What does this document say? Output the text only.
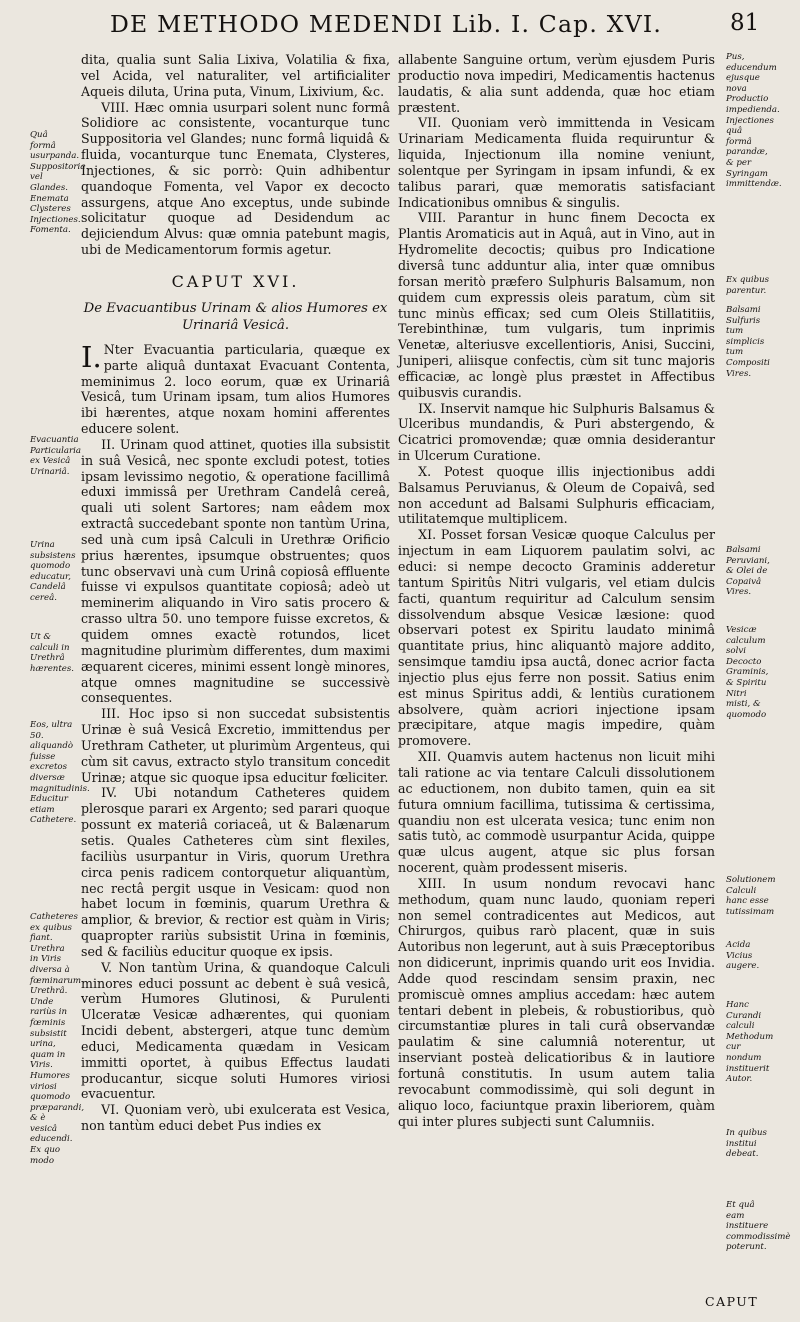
DE METHODO MEDENDI Lib. I. Cap. XVI.	81
Quâ formâ usurpanda. Suppositoria vel Glandes. Enemata Clysteres Injectiones. Fomenta.
Evacuantia Particularia ex Vesicâ Urinariâ.
Urina subsistens quomodo educatur, Candelâ cereâ.
Ut & calculi in Urethrâ hærentes.
Eos, ultra 50. aliquandò fuisse excretos diversæ magnitudinis. Educitur etiam Cathetere.
Catheteres ex quibus fiant. Urethra in Viris diversa à fœminarum Urethrâ. Unde rariùs in fœminis subsistit urina, quam in Viris. Humores viriosi quomodo præparandi, & è vesicâ educendi. Ex quo modo
Pus, educendum ejusque nova Productio impedienda. Injectiones quâ formâ parandæ, & per Syringam immittendæ.
Ex quibus parentur.
Balsami Sulfuris tum simplicis tum Compositi Vires.
Balsami Peruviani, & Olei de Copaivâ Vires.
Vesicæ calculum solvi Decocto Graminis, & Spiritu Nitri misti, & quomodo
Solutionem Calculi hanc esse tutissimam
Acida Vicius augere.
Hanc Curandi calculi Methodum cur nondum instituerit Autor.
In quibus institui debeat.
Et quâ eam instituere commodissimè poterunt.

dita, qualia sunt Salia Lixiva, Volatilia & fixa, vel Acida, vel naturaliter, vel artificialiter Aqueis diluta, Urina puta, Vinum, Lixivium, &c.

VIII. Hæc omnia usurpari solent nunc formâ Solidiore ac consistente, vocanturque tunc Suppositoria vel Glandes; nunc formâ liquidâ & fluida, vocanturque tunc Enemata, Clysteres, Injectiones, & sic porrò: Quin adhibentur quandoque Fomenta, vel Vapor ex decocto assurgens, atque Ano exceptus, unde subinde solicitatur quoque ad Desidendum ac dejiciendum Alvus: quæ omnia patebunt magis, ubi de Medicamentorum formis agetur.

CAPUT XVI.
De Evacuantibus Urinam & alios Humores ex Urinariâ Vesicâ.

I. Nter Evacuantia particularia, quæque ex parte aliquâ duntaxat Evacuant Contenta, meminimus 2. loco eorum, quæ ex Urinariâ Vesicâ, tum Urinam ipsam, tum alios Humores ibi hærentes, atque noxam homini afferentes educere solent.

II. Urinam quod attinet, quoties illa subsistit in suâ Vesicâ, nec sponte excludi potest, toties ipsam levissimo negotio, & operatione facillimâ eduxi immissâ per Urethram Candelâ cereâ, quali uti solent Sartores; nam eâdem mox extractâ succedebant sponte non tantùm Urina, sed unà cum ipsâ Calculi in Urethræ Orificio prius hærentes, ipsumque obstruentes; quos tunc observavi unà cum Urinâ copiosâ effluente fuisse vi expulsos quantitate copiosâ; adeò ut meminerim aliquando in Viro satis procero & crasso ultra 50. uno tempore fuisse excretos, & quidem omnes exactè rotundos, licet magnitudine plurimùm differentes, dum maximi æquarent ciceres, minimi essent longè minores, atque omnes magnitudine se successivè consequentes.

III. Hoc ipso si non succedat subsistentis Urinæ è suâ Vesicâ Excretio, immittendus per Urethram Catheter, ut plurimùm Argenteus, qui cùm sit cavus, extracto stylo transitum concedit Urinæ; atque sic quoque ipsa educitur fœliciter.

IV. Ubi notandum Catheteres quidem plerosque parari ex Argento; sed parari quoque possunt ex materiâ coriaceâ, ut & Balænarum setis. Quales Catheteres cùm sint flexiles, faciliùs usurpantur in Viris, quorum Urethra circa penis radicem contorquetur aliquantùm, nec rectâ pergit usque in Vesicam: quod non habet locum in fœminis, quarum Urethra & amplior, & brevior, & rectior est quàm in Viris; quapropter rariùs subsistit Urina in fœminis, sed & faciliùs educitur quoque ex ipsis.

V. Non tantùm Urina, & quandoque Calculi minores educi possunt ac debent è suâ vesicâ, verùm Humores Glutinosi, & Purulenti Ulceratæ Vesicæ adhærentes, qui quoniam Incidi debent, abstergeri, atque tunc demùm educi, Medicamenta quædam in Vesicam immitti oportet, à quibus Effectus laudati producantur, sicque soluti Humores viriosi evacuentur.

VI. Quoniam verò, ubi exulcerata est Vesica, non tantùm educi debet Pus indies ex

allabente Sanguine ortum, verùm ejusdem Puris productio nova impediri, Medicamentis hactenus laudatis, & alia sunt addenda, quæ hoc etiam præstent.

VII. Quoniam verò immittenda in Vesicam Urinariam Medicamenta fluida requiruntur & liquida, Injectionum illa nomine veniunt, solentque per Syringam in ipsam infundi, & ex talibus parari, quæ memoratis satisfaciant Indicationibus omnibus & singulis.

VIII. Parantur in hunc finem Decocta ex Plantis Aromaticis aut in Aquâ, aut in Vino, aut in Hydromelite decoctis; quibus pro Indicatione diversâ tunc adduntur alia, inter quæ omnibus forsan meritò præfero Sulphuris Balsamum, non quidem cum expressis oleis paratum, cùm sit tunc minùs efficax; sed cum Oleis Stillatitiis, Terebinthinæ, tum vulgaris, tum inprimis Venetæ, alteriusve excellentioris, Anisi, Succini, Juniperi, aliisque confectis, cùm sit tunc majoris efficaciæ, ac longè plus præstet in Affectibus quibusvis curandis.

IX. Inservit namque hic Sulphuris Balsamus & Ulceribus mundandis, & Puri abstergendo, & Cicatrici promovendæ; quæ omnia desiderantur in Ulcerum Curatione.

X. Potest quoque illis injectionibus addi Balsamus Peruvianus, & Oleum de Copaivâ, sed non accedunt ad Balsami Sulphuris efficaciam, utilitatemque multiplicem.

XI. Posset forsan Vesicæ quoque Calculus per injectum in eam Liquorem paulatim solvi, ac educi: si nempe decocto Graminis adderetur tantum Spiritûs Nitri vulgaris, vel etiam dulcis facti, quantum requiritur ad Calculum sensim dissolvendum absque Vesicæ læsione: quod observari potest ex Spiritu laudato minimâ quantitate prius, hinc aliquantò majore addito, sensimque tamdiu ipsa auctâ, donec acrior facta injectio plus ejus ferre non possit. Satius enim est minus Spiritus addi, & lentiùs curationem absolvere, quàm acriori injectione ipsam præcipitare, atque magis impedire, quàm promovere.

XII. Quamvis autem hactenus non licuit mihi tali ratione ac via tentare Calculi dissolutionem ac eductionem, non dubito tamen, quin ea sit futura omnium facillima, tutissima & certissima, quandiu non est ulcerata vesica; tunc enim non satis tutò, ac commodè usurpantur Acida, quippe quæ ulcus augent, atque sic plus forsan nocerent, quàm prodessent miseris.

XIII. In usum nondum revocavi hanc methodum, quam nunc laudo, quoniam reperi non semel contradicentes aut Medicos, aut Chirurgos, quibus rarò placent, quæ in suis Autoribus non legerunt, aut à suis Præceptoribus non didicerunt, inprimis quando urit eos Invidia. Adde quod rescindam sensim praxin, nec promiscuè omnes amplius accedam: hæc autem tentari debent in plebeis, & robustioribus, quò circumstantiæ plures in tali curâ observandæ paulatim & sine calumniâ noterentur, ut inserviant posteà delicatioribus & in lautiore fortunâ constitutis. In usum autem talia revocabunt commodissimè, qui soli degunt in aliquo loco, faciuntque praxin liberiorem, quàm qui inter plures subjecti sunt Calumniis.

CAPUT
